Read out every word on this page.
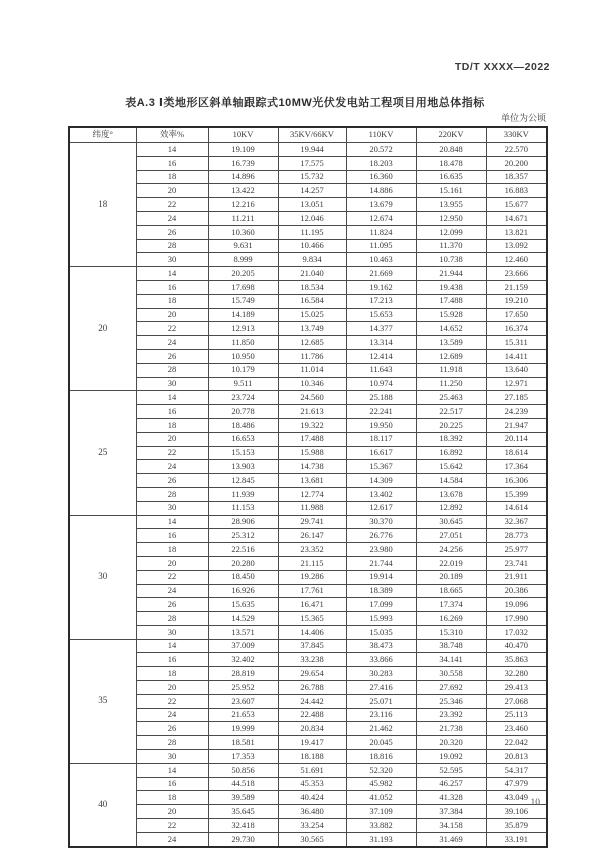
TD/T XXXX—2022
表A.3 Ⅰ类地形区斜单轴跟踪式10MW光伏发电站工程项目用地总体指标
单位为公顷
纬度°	效率%	10KV	35KV/66KV	110KV	220KV	330KV
18	14	19.109	19.944	20.572	20.848	22.570
	16	16.739	17.575	18.203	18.478	20.200
	18	14.896	15.732	16.360	16.635	18.357
	20	13.422	14.257	14.886	15.161	16.883
	22	12.216	13.051	13.679	13.955	15.677
	24	11.211	12.046	12.674	12.950	14.671
	26	10.360	11.195	11.824	12.099	13.821
	28	9.631	10.466	11.095	11.370	13.092
	30	8.999	9.834	10.463	10.738	12.460
20	14	20.205	21.040	21.669	21.944	23.666
	16	17.698	18.534	19.162	19.438	21.159
	18	15.749	16.584	17.213	17.488	19.210
	20	14.189	15.025	15.653	15.928	17.650
	22	12.913	13.749	14.377	14.652	16.374
	24	11.850	12.685	13.314	13.589	15.311
	26	10.950	11.786	12.414	12.689	14.411
	28	10.179	11.014	11.643	11.918	13.640
	30	9.511	10.346	10.974	11.250	12.971
25	14	23.724	24.560	25.188	25.463	27.185
	16	20.778	21.613	22.241	22.517	24.239
	18	18.486	19.322	19.950	20.225	21.947
	20	16.653	17.488	18.117	18.392	20.114
	22	15.153	15.988	16.617	16.892	18.614
	24	13.903	14.738	15.367	15.642	17.364
	26	12.845	13.681	14.309	14.584	16.306
	28	11.939	12.774	13.402	13.678	15.399
	30	11.153	11.988	12.617	12.892	14.614
30	14	28.906	29.741	30.370	30.645	32.367
	16	25.312	26.147	26.776	27.051	28.773
	18	22.516	23.352	23.980	24.256	25.977
	20	20.280	21.115	21.744	22.019	23.741
	22	18.450	19.286	19.914	20.189	21.911
	24	16.926	17.761	18.389	18.665	20.386
	26	15.635	16.471	17.099	17.374	19.096
	28	14.529	15.365	15.993	16.269	17.990
	30	13.571	14.406	15.035	15.310	17.032
35	14	37.009	37.845	38.473	38.748	40.470
	16	32.402	33.238	33.866	34.141	35.863
	18	28.819	29.654	30.283	30.558	32.280
	20	25.952	26.788	27.416	27.692	29.413
	22	23.607	24.442	25.071	25.346	27.068
	24	21.653	22.488	23.116	23.392	25.113
	26	19.999	20.834	21.462	21.738	23.460
	28	18.581	19.417	20.045	20.320	22.042
	30	17.353	18.188	18.816	19.092	20.813
40	14	50.856	51.691	52.320	52.595	54.317
	16	44.518	45.353	45.982	46.257	47.979
	18	39.589	40.424	41.052	41.328	43.049
	20	35.645	36.480	37.109	37.384	39.106
	22	32.418	33.254	33.882	34.158	35.879
	24	29.730	30.565	31.193	31.469	33.191
10
